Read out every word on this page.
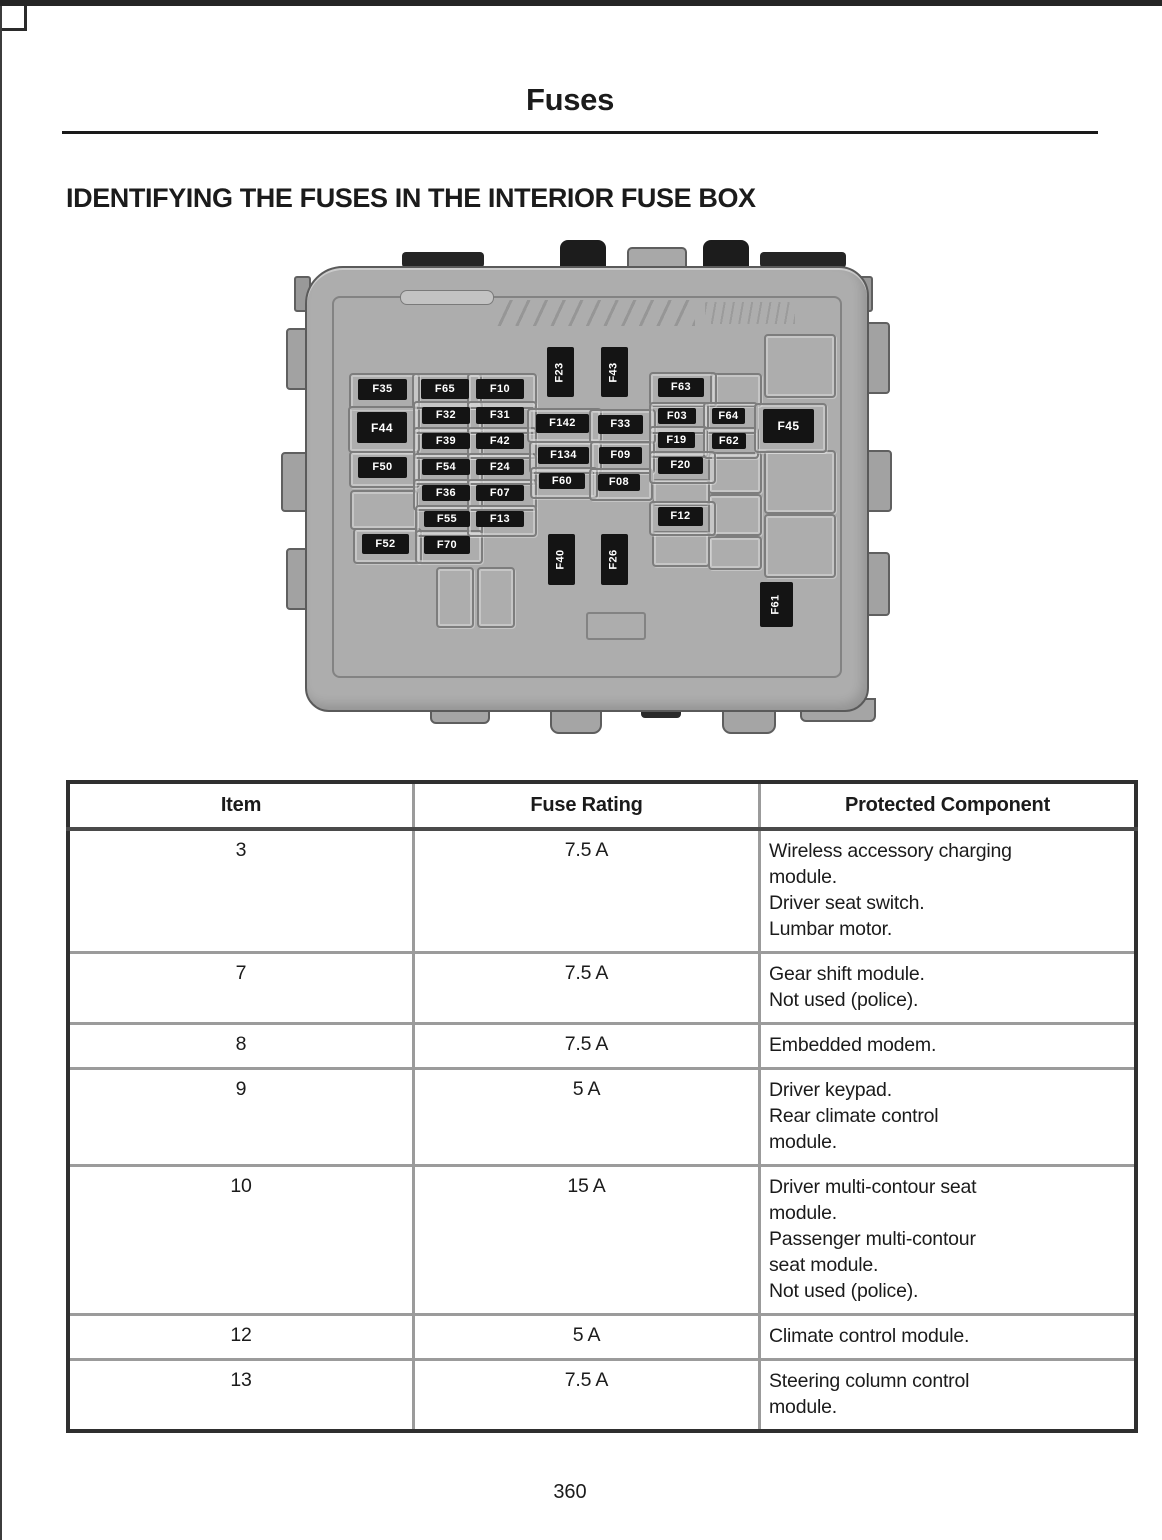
Fuses
IDENTIFYING THE FUSES IN THE INTERIOR FUSE BOX
F35
F44
F50
F52
F65
F32
F39
F54
F36
F55
F70
F10
F31
F42
F24
F07
F13
F23	F43
F142	F33
F134	F09
F60	F08
F40	F26
F63
F03	F64
F19	F62
F20
F12
F45
F61
Item	Fuse Rating	Protected Component
3	7.5 A	Wireless accessory charging
module.
Driver seat switch.
Lumbar motor.

7	7.5 A	Gear shift module.
Not used (police).

8	7.5 A	Embedded modem.

9	5 A	Driver keypad.
Rear climate control
module.

10	15 A	Driver multi-contour seat
module.
Passenger multi-contour
seat module.
Not used (police).

12	5 A	Climate control module.

13	7.5 A	Steering column control
module.
360
